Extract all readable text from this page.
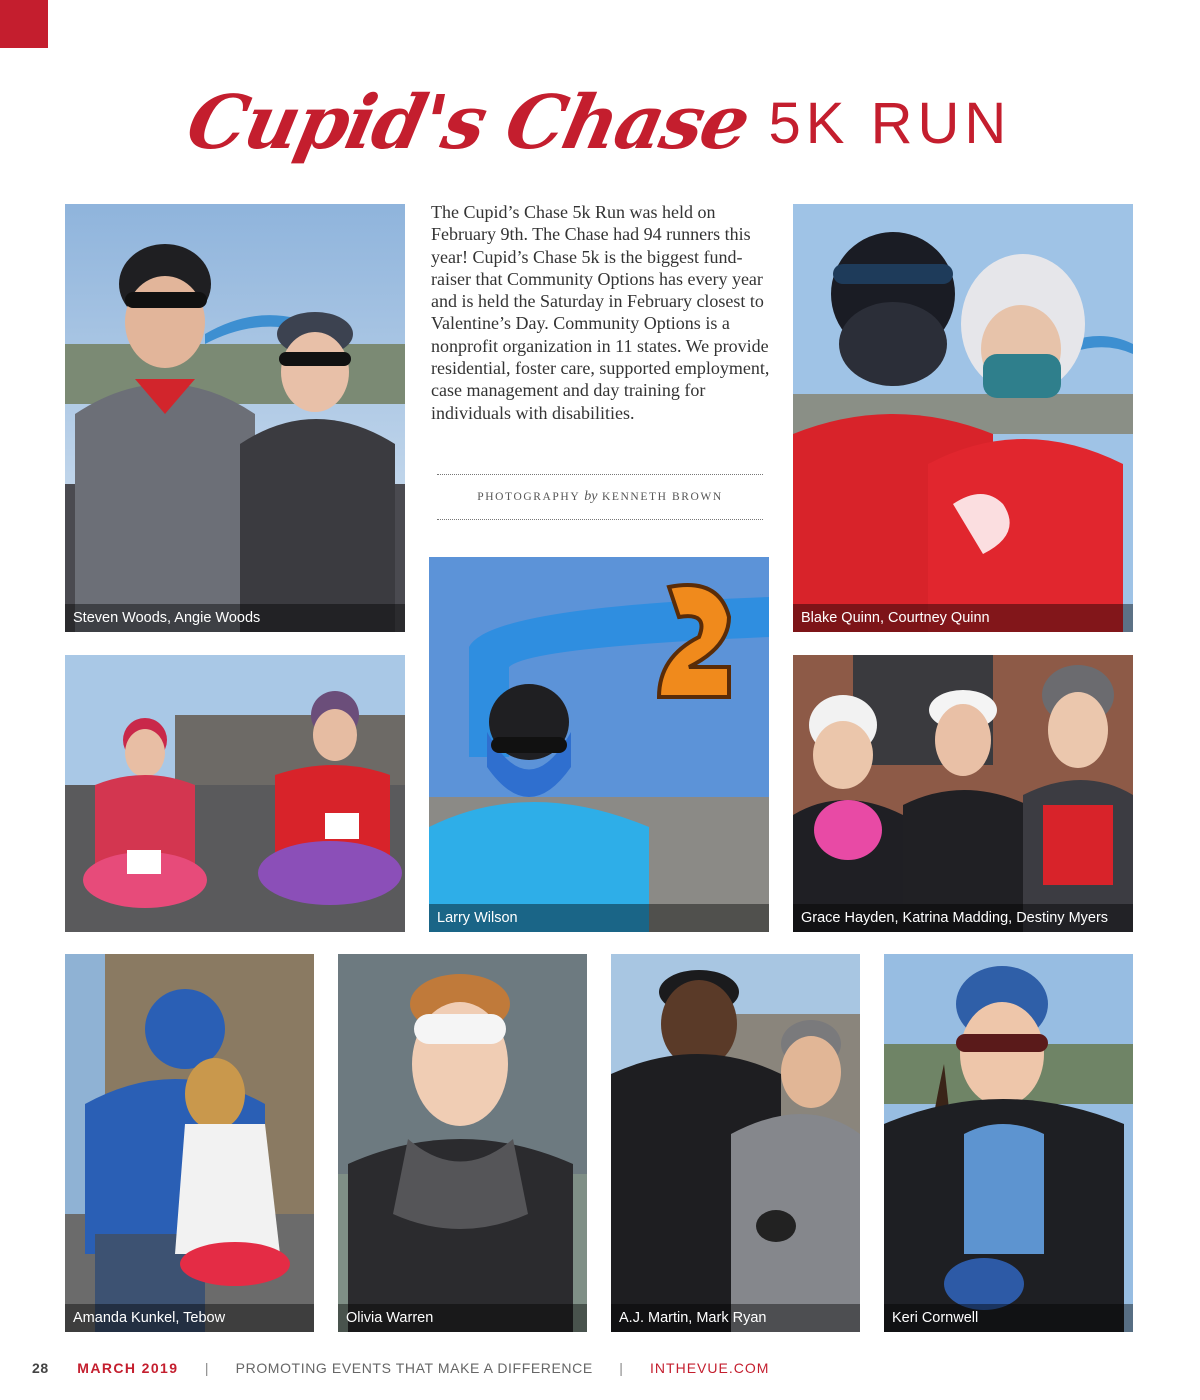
Cupid's Chase 5K RUN

The Cupid’s Chase 5k Run was held on February 9th. The Chase had 94 runners this year! Cupid’s Chase 5k is the biggest fund-raiser that Community Options has every year and is held the Saturday in February closest to Valentine’s Day. Community Options is a nonprofit organization in 11 states. We provide residential, foster care, supported employment, case management and day training for individuals with disabilities.

PHOTOGRAPHY by KENNETH BROWN
Steven Woods, Angie Woods	Blake Quinn, Courtney Quinn
Larry Wilson	Grace Hayden, Katrina Madding, Destiny Myers
Amanda Kunkel, Tebow	Olivia Warren	A.J. Martin, Mark Ryan	Keri Cornwell
28 MARCH 2019 | PROMOTING EVENTS THAT MAKE A DIFFERENCE | INTHEVUE.COM
